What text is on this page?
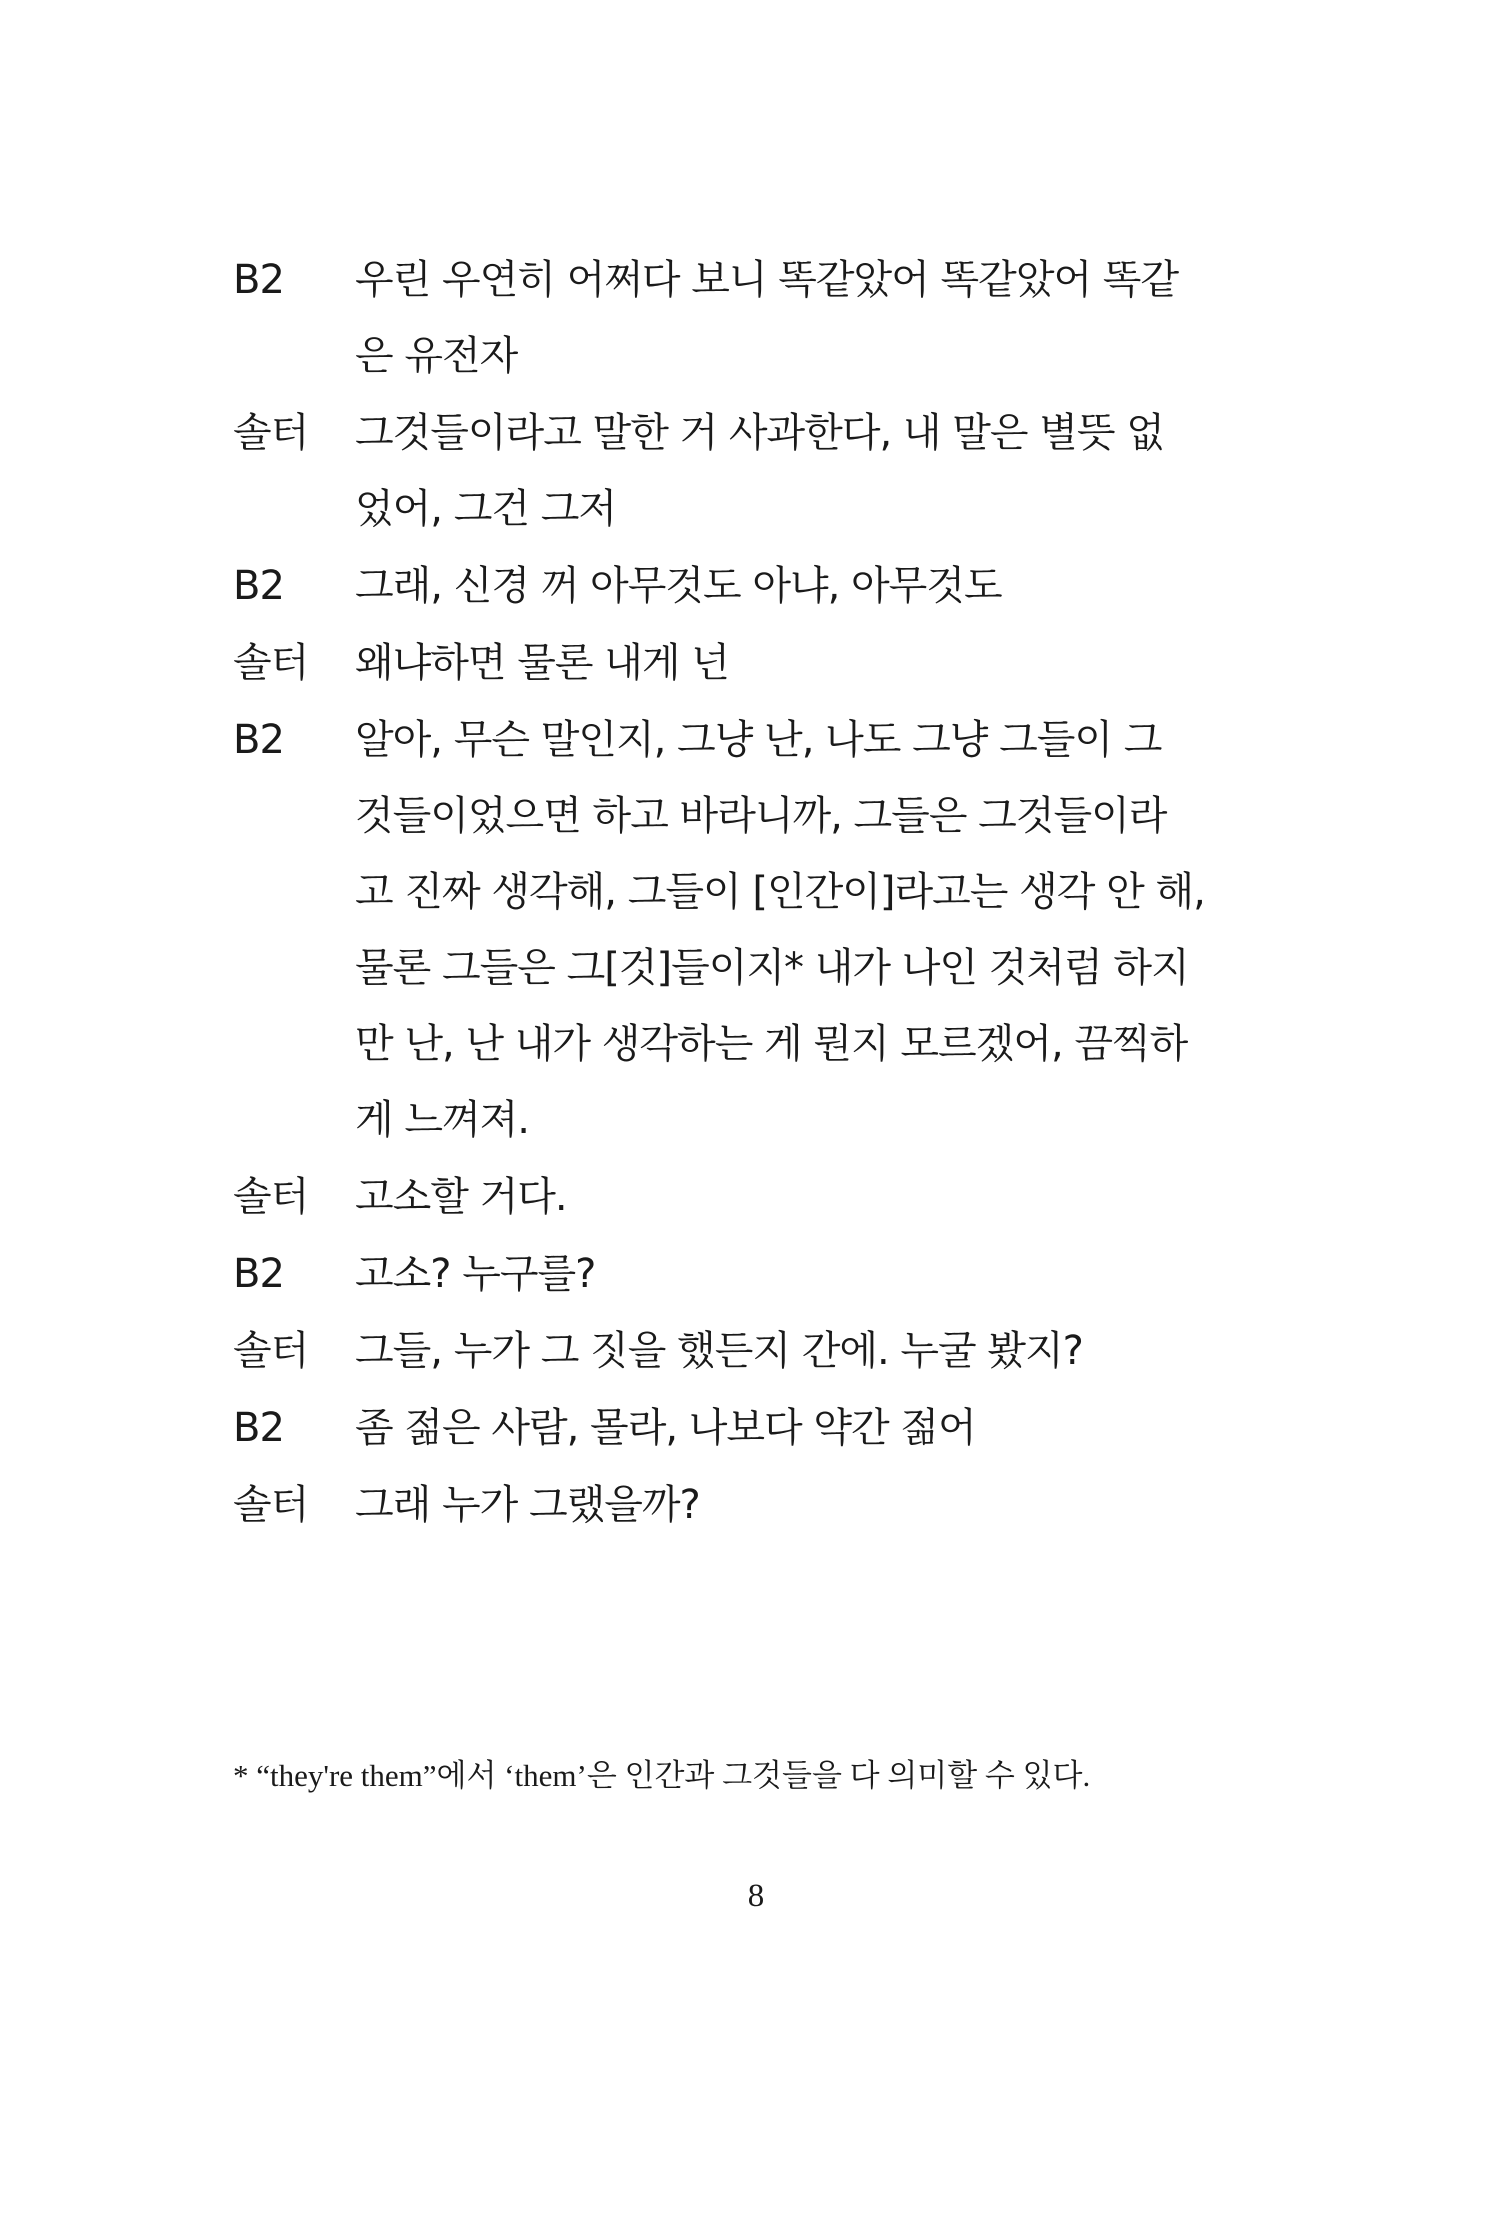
B2	우린 우연히 어쩌다 보니 똑같았어 똑같았어 똑같
은 유전자
솔터	그것들이라고 말한 거 사과한다, 내 말은 별뜻 없
었어, 그건 그저
B2	그래, 신경 꺼 아무것도 아냐, 아무것도
솔터	왜냐하면 물론 내게 넌
B2	알아, 무슨 말인지, 그냥 난, 나도 그냥 그들이 그
것들이었으면 하고 바라니까, 그들은 그것들이라
고 진짜 생각해, 그들이 [인간이]라고는 생각 안 해,
물론 그들은 그[것]들이지* 내가 나인 것처럼 하지
만 난, 난 내가 생각하는 게 뭔지 모르겠어, 끔찍하
게 느껴져.
솔터	고소할 거다.
B2	고소? 누구를?
솔터	그들, 누가 그 짓을 했든지 간에. 누굴 봤지?
B2	좀 젊은 사람, 몰라, 나보다 약간 젊어
솔터	그래 누가 그랬을까?
* “they're them”에서 ‘them’은 인간과 그것들을 다 의미할 수 있다.
8
